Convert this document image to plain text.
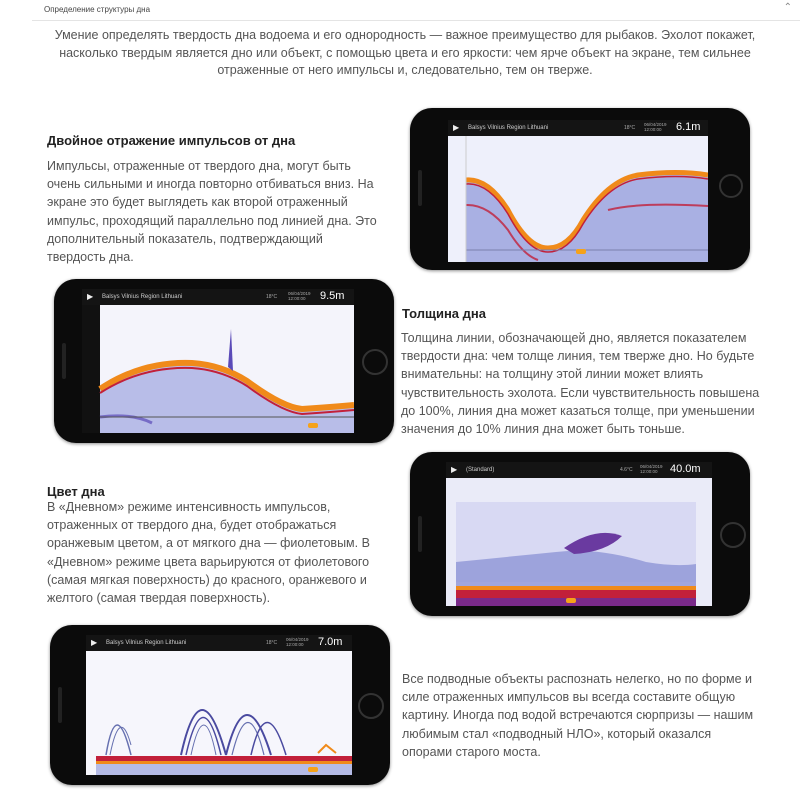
Определение структуры дна	⌃
Умение определять твердость дна водоема и его однородность — важное преимущество для рыбаков. Эхолот покажет, насколько твердым является дно или объект, с помощью цвета и его яркости: чем ярче объект на экране, тем сильнее отраженные от него импульсы и, следовательно, тем он тверже.
Двойное отражение импульсов от дна
Импульсы, отраженные от твердого дна, могут быть очень сильными и иногда повторно отбиваться вниз. На экране это будет выглядеть как второй отраженный импульс, проходящий параллельно под линией дна. Это дополнительный показатель, подтверждающий твердость дна.
▶ Balsys Vilnius Region Lithuani	18°C
06/04/2019 12:00:00	6.1m
▶ Balsys Vilnius Region Lithuani	18°C
06/04/2019 12:00:00	9.5m
Толщина дна
Толщина линии, обозначающей дно, является показателем твердости дна: чем толще линия, тем тверже дно. Но будьте внимательны: на толщину этой линии может влиять чувствительность эхолота. Если чувствительность повышена до 100%, линия дна может казаться толще, при уменьшении значения до 10% линия дна может быть тоньше.
Цвет дна
В «Дневном» режиме интенсивность импульсов, отраженных от твердого дна, будет отображаться оранжевым цветом, а от мягкого дна — фиолетовым. В «Дневном» режиме цвета варьируются от фиолетового (самая мягкая поверхность) до красного, оранжевого и желтого (самая твердая поверхность).
▶ (Standard)	4.6°C
06/04/2019 12:00:00	40.0m
▶ Balsys Vilnius Region Lithuani	18°C
06/04/2019 12:00:00	7.0m
Все подводные объекты распознать нелегко, но по форме и силе отраженных импульсов вы всегда составите общую картину. Иногда под водой встречаются сюрпризы — нашим любимым стал «подводный НЛО», который оказался опорами старого моста.
